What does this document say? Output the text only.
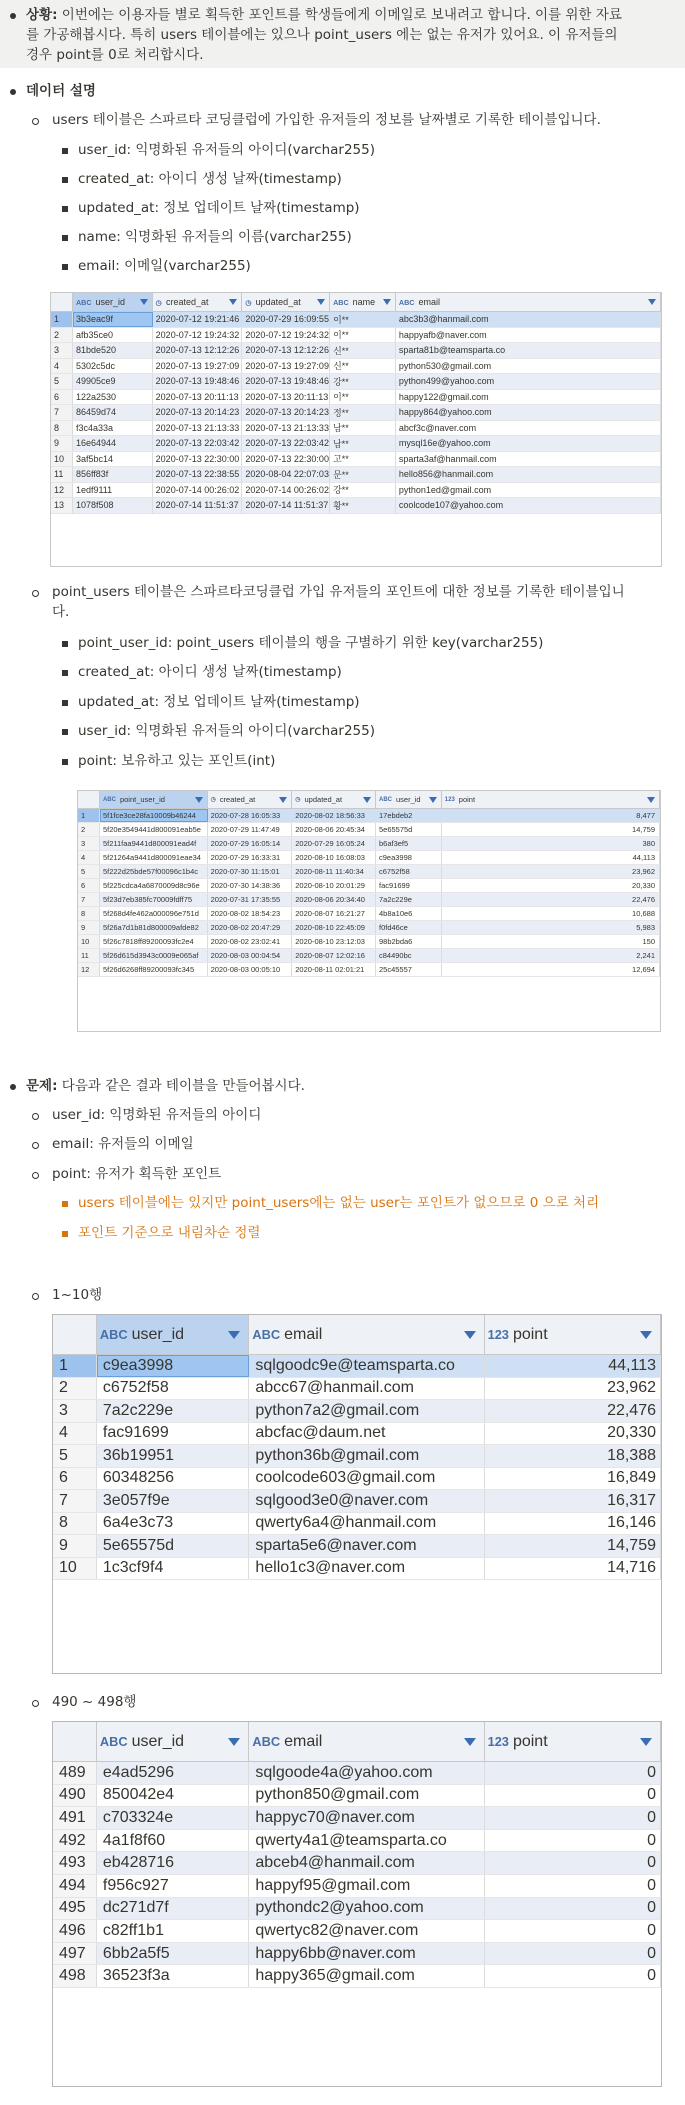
상황: 이번에는 이용자들 별로 획득한 포인트를 학생들에게 이메일로 보내려고 합니다. 이를 위한 자료
를 가공해봅시다. 특히 users 테이블에는 있으나 point_users 에는 없는 유저가 있어요. 이 유저들의
경우 point를 0로 처리합시다.
데이터 설명
users 테이블은 스파르타 코딩클럽에 가입한 유저들의 정보를 날짜별로 기록한 테이블입니다.
user_id: 익명화된 유저들의 아이디(varchar255)
created_at: 아이디 생성 날짜(timestamp)
updated_at: 정보 업데이트 날짜(timestamp)
name: 익명화된 유저들의 이름(varchar255)
email: 이메일(varchar255)
ABC user_id	◷ created_at	◷ updated_at	ABC name	ABC email
1	3b3eac9f	2020-07-12 19:21:46 2020-07-29 16:09:55 이**	abc3b3@hanmail.com
2	afb35ce0	2020-07-12 19:24:32 2020-07-12 19:24:32 이**	happyafb@naver.com
3	81bde520	2020-07-13 12:12:26 2020-07-13 12:12:26 신**	sparta81b@teamsparta.co
4	5302c5dc	2020-07-13 19:27:09 2020-07-13 19:27:09 신**	python530@gmail.com
5	49905ce9	2020-07-13 19:48:46 2020-07-13 19:48:46 강**	python499@yahoo.com
6	122a2530	2020-07-13 20:11:13 2020-07-13 20:11:13 이**	happy122@gmail.com
7	86459d74	2020-07-13 20:14:23 2020-07-13 20:14:23 정**	happy864@yahoo.com
8	f3c4a33a	2020-07-13 21:13:33 2020-07-13 21:13:33 남**	abcf3c@naver.com
9	16e64944	2020-07-13 22:03:42 2020-07-13 22:03:42 남**	mysql16e@yahoo.com
10	3af5bc14	2020-07-13 22:30:00 2020-07-13 22:30:00 고**	sparta3af@hanmail.com
11	856ff83f	2020-07-13 22:38:55 2020-08-04 22:07:03 문**	hello856@hanmail.com
12	1edf9111	2020-07-14 00:26:02 2020-07-14 00:26:02 강**	python1ed@gmail.com
13	1078f508	2020-07-14 11:51:37 2020-07-14 11:51:37 황**	coolcode107@yahoo.com
point_users 테이블은 스파르타코딩클럽 가입 유저들의 포인트에 대한 정보를 기록한 테이블입니
다.
point_user_id: point_users 테이블의 행을 구별하기 위한 key(varchar255)
created_at: 아이디 생성 날짜(timestamp)
updated_at: 정보 업데이트 날짜(timestamp)
user_id: 익명화된 유저들의 아이디(varchar255)
point: 보유하고 있는 포인트(int)
ABC point_user_id	◷ created_at	◷ updated_at	ABC user_id	123 point
1	5f1fce3ce28fa10009b46244	2020-07-28 16:05:33	2020-08-02 18:56:33	17ebdeb2	8,477
2	5f20e3549441d800091eab5e	2020-07-29 11:47:49	2020-08-06 20:45:34	5e65575d	14,759
3	5f211faa9441d800091ead4f	2020-07-29 16:05:14	2020-07-29 16:05:24	b6af3ef5	380
4	5f21264a9441d800091eae34	2020-07-29 16:33:31	2020-08-10 16:08:03	c9ea3998	44,113
5	5f222d25bde57f00096c1b4c	2020-07-30 11:15:01	2020-08-11 11:40:34	c6752f58	23,962
6	5f225cdca4a6870009d8c96e	2020-07-30 14:38:36	2020-08-10 20:01:29	fac91699	20,330
7	5f23d7eb385fc70009fdff75	2020-07-31 17:35:55	2020-08-06 20:34:40	7a2c229e	22,476
8	5f268d4fe462a000096e751d	2020-08-02 18:54:23	2020-08-07 16:21:27	4b8a10e6	10,688
9	5f26a7d1b81d800009afde82	2020-08-02 20:47:29	2020-08-10 22:45:09	f0fd46ce	5,983
10	5f26c7818ff89200093fc2e4	2020-08-02 23:02:41	2020-08-10 23:12:03	98b2bda6	150
11	5f26d615d3943c0009e065af	2020-08-03 00:04:54	2020-08-07 12:02:16	c84490bc	2,241
12	5f26d6268ff89200093fc345	2020-08-03 00:05:10	2020-08-11 02:01:21	25c45557	12,694
문제: 다음과 같은 결과 테이블을 만들어봅시다.
user_id: 익명화된 유저들의 아이디
email: 유저들의 이메일
point: 유저가 획득한 포인트
users 테이블에는 있지만 point_users에는 없는 user는 포인트가 없으므로 0 으로 처리
포인트 기준으로 내림차순 정렬
1~10행
ABC user_id	ABC email	123 point
1	c9ea3998	sqlgoodc9e@teamsparta.co	44,113
2	c6752f58	abcc67@hanmail.com	23,962
3	7a2c229e	python7a2@gmail.com	22,476
4	fac91699	abcfac@daum.net	20,330
5	36b19951	python36b@gmail.com	18,388
6	60348256	coolcode603@gmail.com	16,849
7	3e057f9e	sqlgood3e0@naver.com	16,317
8	6a4e3c73	qwerty6a4@hanmail.com	16,146
9	5e65575d	sparta5e6@naver.com	14,759
10	1c3cf9f4	hello1c3@naver.com	14,716
490 ~ 498행
ABC user_id	ABC email	123 point
489	e4ad5296	sqlgoode4a@yahoo.com	0
490	850042e4	python850@gmail.com	0
491	c703324e	happyc70@naver.com	0
492	4a1f8f60	qwerty4a1@teamsparta.co	0
493	eb428716	abceb4@hanmail.com	0
494	f956c927	happyf95@gmail.com	0
495	dc271d7f	pythondc2@yahoo.com	0
496	c82ff1b1	qwertyc82@naver.com	0
497	6bb2a5f5	happy6bb@naver.com	0
498	36523f3a	happy365@gmail.com	0
